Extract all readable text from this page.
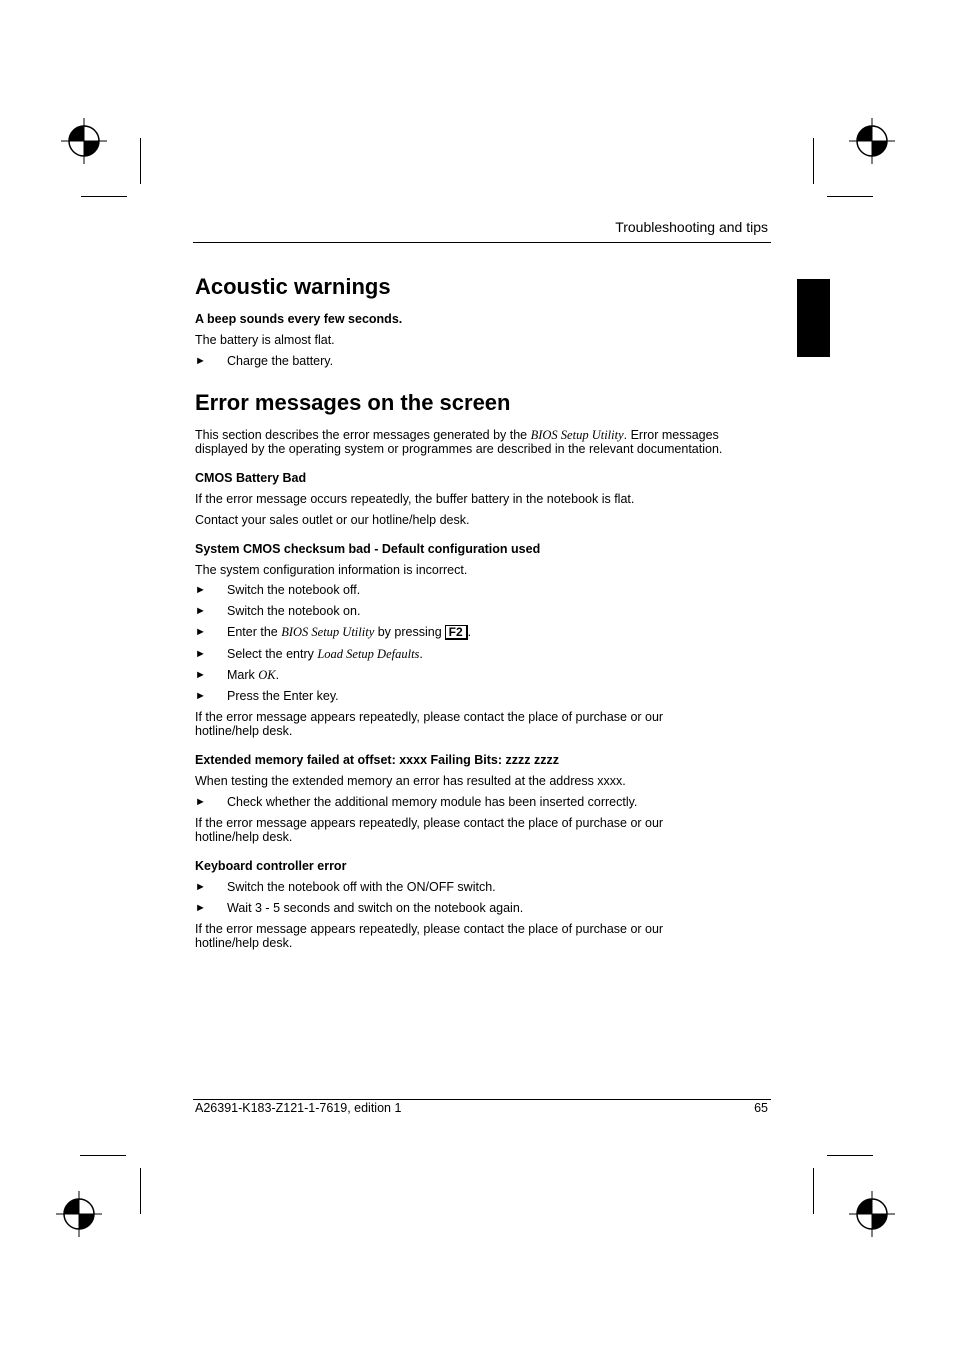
Troubleshooting and tips
Acoustic warnings
A beep sounds every few seconds.

The battery is almost flat.

► Charge the battery.
Error messages on the screen

This section describes the error messages generated by the BIOS Setup Utility. Error messages displayed by the operating system or programmes are described in the relevant documentation.

CMOS Battery Bad

If the error message occurs repeatedly, the buffer battery in the notebook is flat.

Contact your sales outlet or our hotline/help desk.

System CMOS checksum bad - Default configuration used

The system configuration information is incorrect.

► Switch the notebook off.
► Switch the notebook on.
► Enter the BIOS Setup Utility by pressing F2 .
► Select the entry Load Setup Defaults.
► Mark OK.
► Press the Enter key.

If the error message appears repeatedly, please contact the place of purchase or our hotline/help desk.

Extended memory failed at offset: xxxx Failing Bits: zzzz zzzz

When testing the extended memory an error has resulted at the address xxxx.

► Check whether the additional memory module has been inserted correctly.

If the error message appears repeatedly, please contact the place of purchase or our hotline/help desk.

Keyboard controller error
► Switch the notebook off with the ON/OFF switch.
► Wait 3 - 5 seconds and switch on the notebook again.

If the error message appears repeatedly, please contact the place of purchase or our hotline/help desk.

A26391-K183-Z121-1-7619, edition 1	65
